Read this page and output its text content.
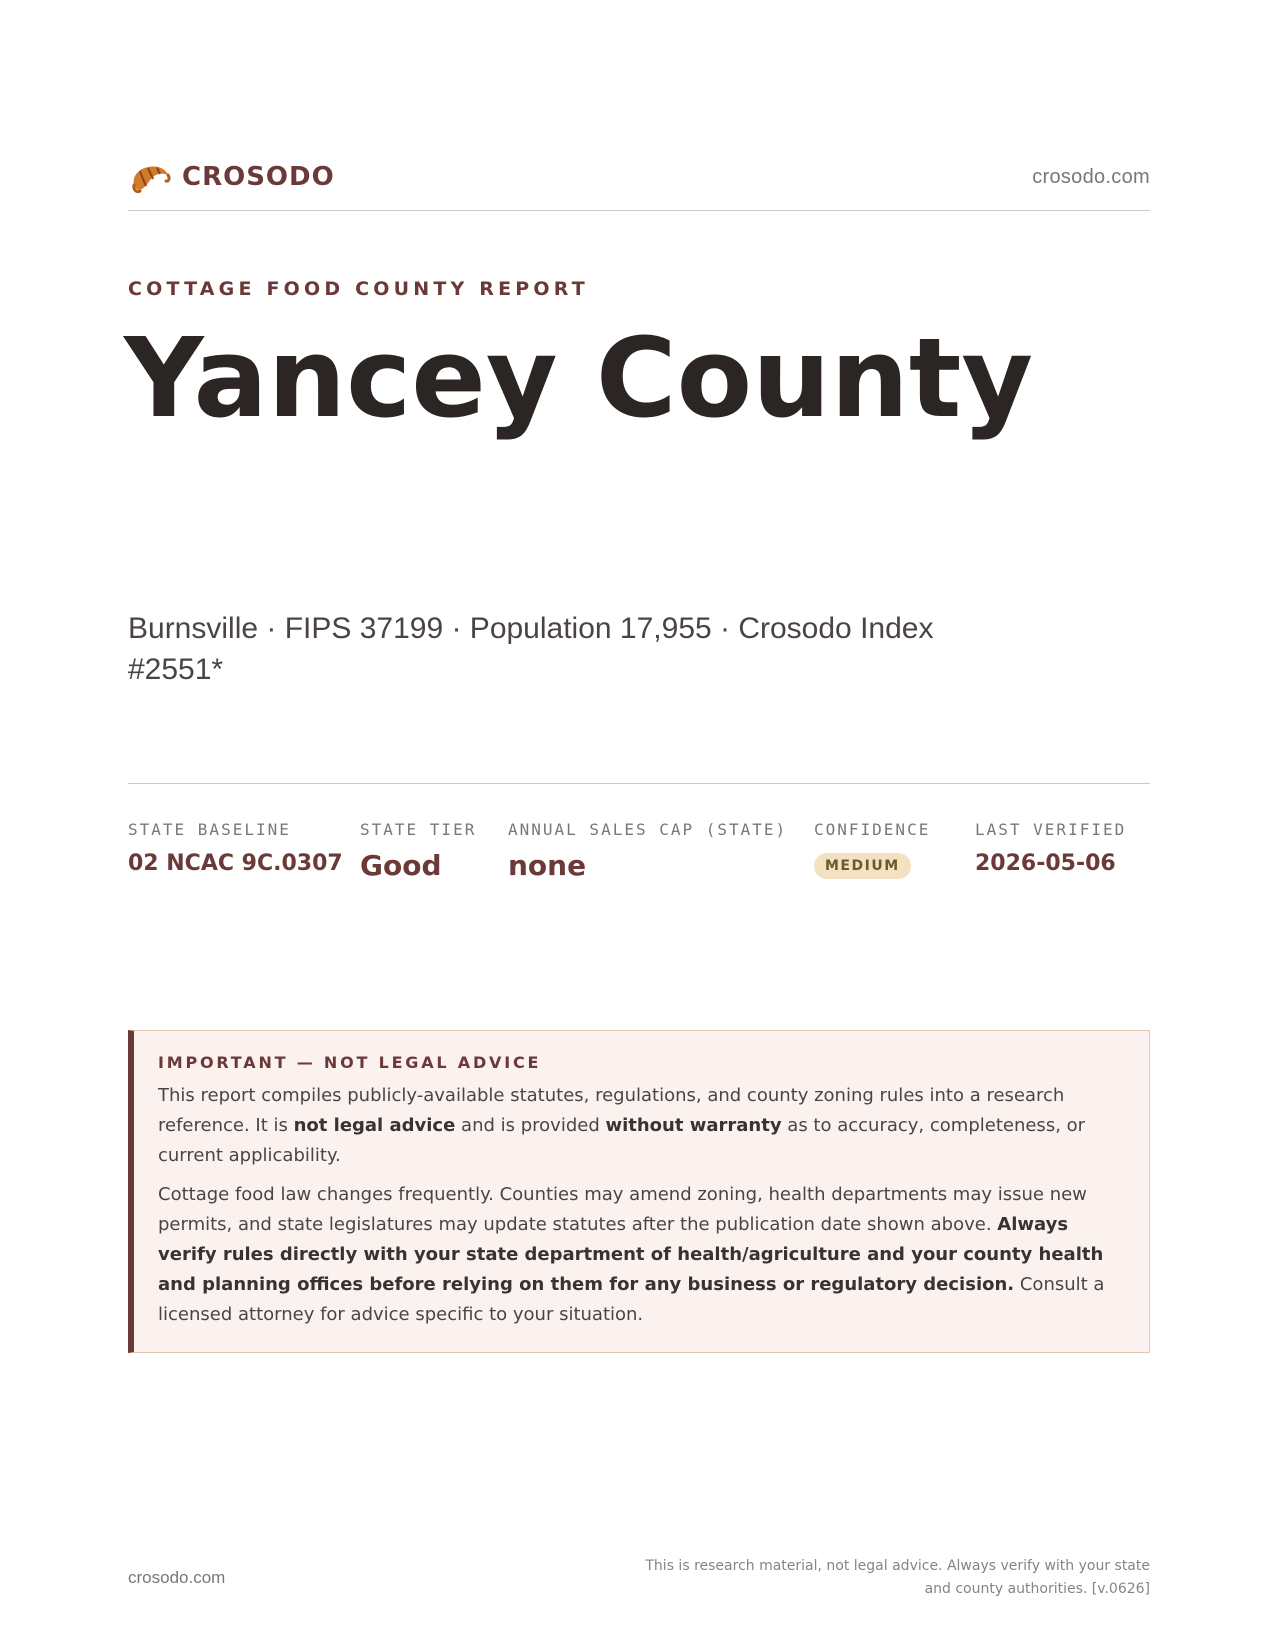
CROSODO	crosodo.com
COTTAGE FOOD COUNTY REPORT
Yancey County
Burnsville · FIPS 37199 · Population 17,955 · Crosodo Index #2551*
STATE BASELINE
02 NCAC 9C.0307
STATE TIER
Good
ANNUAL SALES CAP (STATE)
none
CONFIDENCE
MEDIUM
LAST VERIFIED
2026-05-06
IMPORTANT — NOT LEGAL ADVICE

This report compiles publicly-available statutes, regulations, and county zoning rules into a research reference. It is not legal advice and is provided without warranty as to accuracy, completeness, or current applicability.

Cottage food law changes frequently. Counties may amend zoning, health departments may issue new permits, and state legislatures may update statutes after the publication date shown above. Always verify rules directly with your state department of health/agriculture and your county health and planning offices before relying on them for any business or regulatory decision. Consult a licensed attorney for advice specific to your situation.

crosodo.com
This is research material, not legal advice. Always verify with your state and county authorities. [v.0626]
